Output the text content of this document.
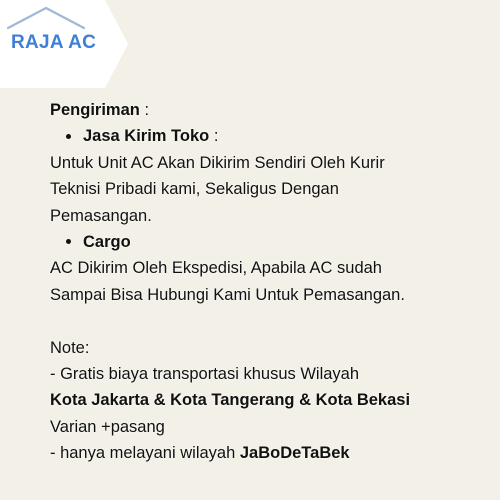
RAJA AC
Pengiriman :
Jasa Kirim Toko :
Untuk Unit AC Akan Dikirim Sendiri Oleh Kurir
Teknisi Pribadi kami, Sekaligus Dengan
Pemasangan.
Cargo
AC Dikirim Oleh Ekspedisi, Apabila AC sudah
Sampai Bisa Hubungi Kami Untuk Pemasangan.
Note:
- Gratis biaya transportasi khusus Wilayah
Kota Jakarta & Kota Tangerang & Kota Bekasi
Varian +pasang
- hanya melayani wilayah JaBoDeTaBek
